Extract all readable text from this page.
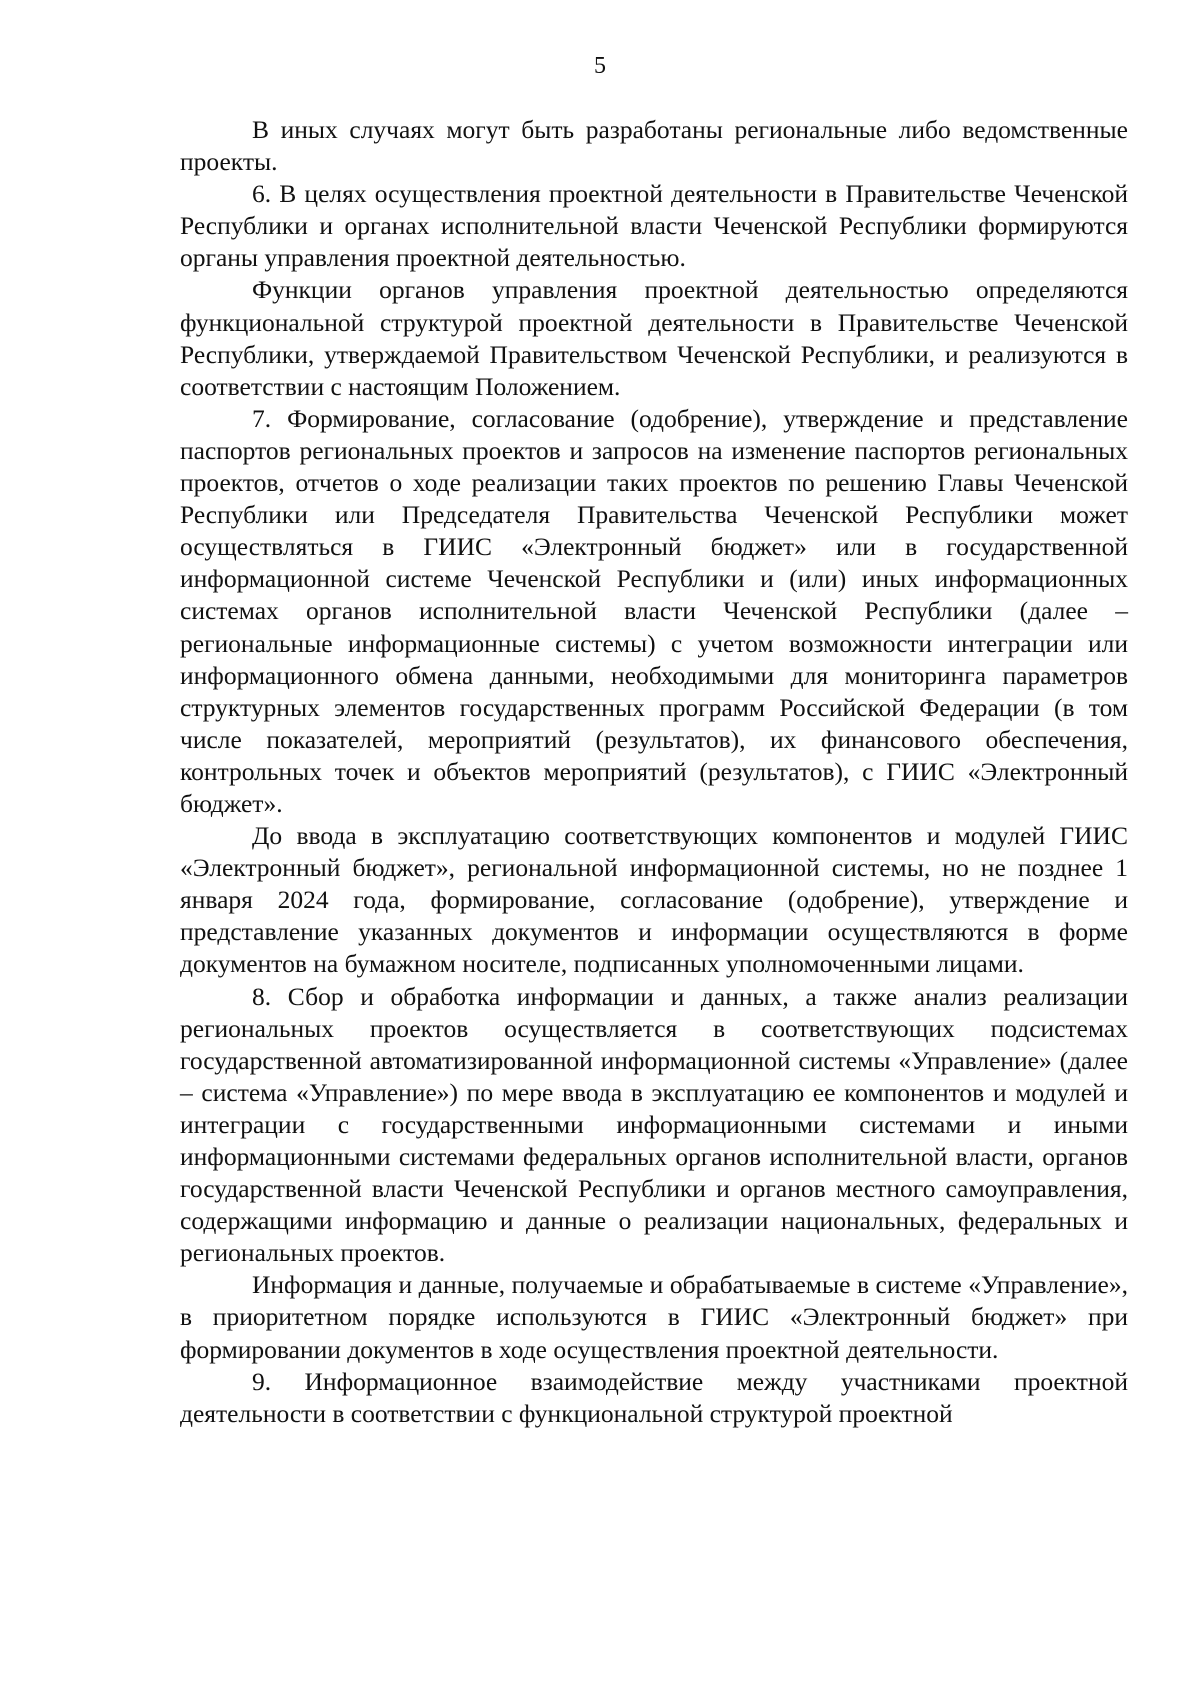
5

В иных случаях могут быть разработаны региональные либо ведомственные проекты.

6. В целях осуществления проектной деятельности в Правительстве Чеченской Республики и органах исполнительной власти Чеченской Республики формируются органы управления проектной деятельностью.

Функции органов управления проектной деятельностью определяются функциональной структурой проектной деятельности в Правительстве Чеченской Республики, утверждаемой Правительством Чеченской Республики, и реализуются в соответствии с настоящим Положением.

7. Формирование, согласование (одобрение), утверждение и представление паспортов региональных проектов и запросов на изменение паспортов региональных проектов, отчетов о ходе реализации таких проектов по решению Главы Чеченской Республики или Председателя Правительства Чеченской Республики может осуществляться в ГИИС «Электронный бюджет» или в государственной информационной системе Чеченской Республики и (или) иных информационных системах органов исполнительной власти Чеченской Республики (далее – региональные информационные системы) с учетом возможности интеграции или информационного обмена данными, необходимыми для мониторинга параметров структурных элементов государственных программ Российской Федерации (в том числе показателей, мероприятий (результатов), их финансового обеспечения, контрольных точек и объектов мероприятий (результатов), с ГИИС «Электронный бюджет».

До ввода в эксплуатацию соответствующих компонентов и модулей ГИИС «Электронный бюджет», региональной информационной системы, но не позднее 1 января 2024 года, формирование, согласование (одобрение), утверждение и представление указанных документов и информации осуществляются в форме документов на бумажном носителе, подписанных уполномоченными лицами.

8. Сбор и обработка информации и данных, а также анализ реализации региональных проектов осуществляется в соответствующих подсистемах государственной автоматизированной информационной системы «Управление» (далее – система «Управление») по мере ввода в эксплуатацию ее компонентов и модулей и интеграции с государственными информационными системами и иными информационными системами федеральных органов исполнительной власти, органов государственной власти Чеченской Республики и органов местного самоуправления, содержащими информацию и данные о реализации национальных, федеральных и региональных проектов.

Информация и данные, получаемые и обрабатываемые в системе «Управление», в приоритетном порядке используются в ГИИС «Электронный бюджет» при формировании документов в ходе осуществления проектной деятельности.

9. Информационное взаимодействие между участниками проектной деятельности в соответствии с функциональной структурой проектной
